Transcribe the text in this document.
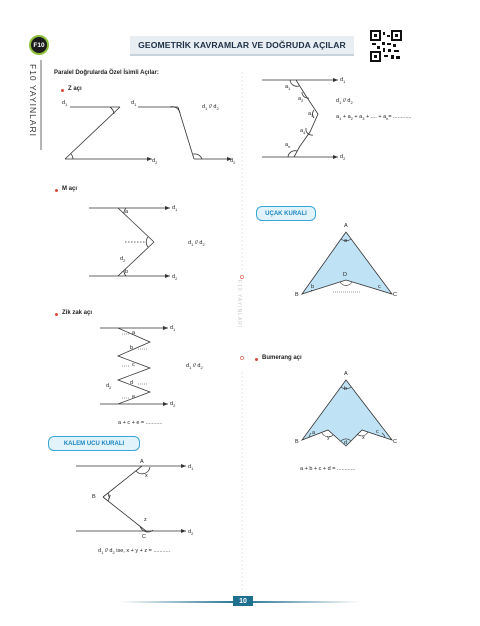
F10
F10 YAYINLARI
GEOMETRİK KAVRAMLAR VE DOĞRUDA AÇILAR
F10 YAYINLARI
Paralel Doğrularda Özel İsimli Açılar:
Z açı
$d_1$
$d_2$
$d_1$
$d_2$
$d_1 // d_2$
M açı
a
b
$d_1$
$d_2$
$d_2$
$d_1 // d_2$
Zik zak açı
a
b
c
d
e
$d_1$
$d_2$
$d_2$
$d_1 // d_2$
a + c + e = ...........
KALEM UCU KURALI
A
x
B y
z
C
$d_1$
$d_2$
$d_1 // d_2$ ise, x + y + z = ...........
$a_1$
$a_2$
$a_3$
$a_4$
$a_n$
$d_1$
$d_2$
$d_1 // d_2$
$a_1 + a_2 + a_3$ + .... + $a_n=$ ............
UÇAK KURALI
A
a
D
B	C
b	c
Bumerang açı
A
b
B	C
a
y
d
x
c
a + b + c + d = ............
10
